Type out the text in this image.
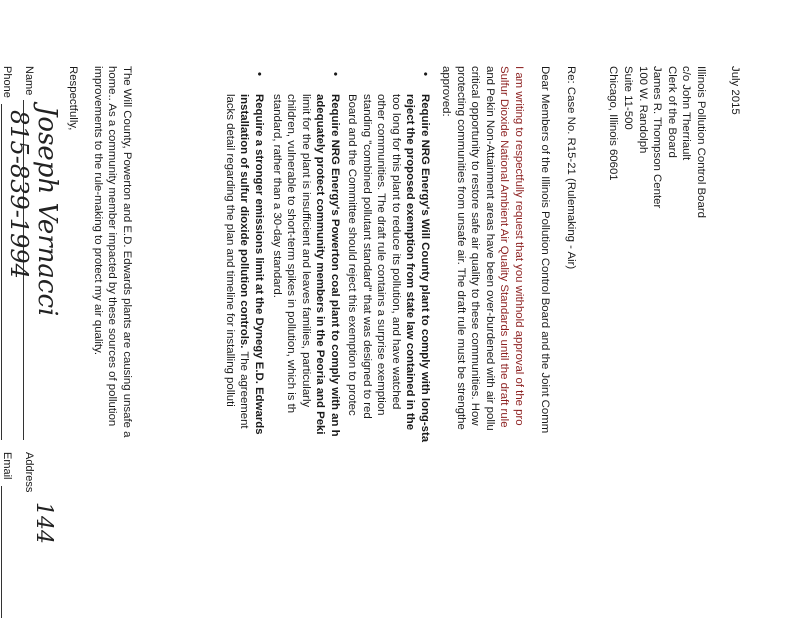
July 2015
Illinois Pollution Control Board
c/o John Therriault
Clerk of the Board
James R. Thompson Center
100 W. Randolph
Suite 11-500
Chicago, Illinois 60601
Re: Case No. R15-21 (Rulemaking - Air)
Dear Members of the Illinois Pollution Control Board and the Joint Comm
I am writing to respectfully request that you withhold approval of the pro
Sulfur Dioxide National Ambient Air Quality Standards until the draft rule
and Pekin Non-Attainment areas have been over-burdened with air pollu
critical opportunity to restore safe air quality to these communities. How
protecting communities from unsafe air. The draft rule must be strengthe
approved:
•
Require NRG Energy's Will County plant to comply with long-sta
reject the proposed exemption from state law contained in the
too long for this plant to reduce its pollution, and have watched
other communities. The draft rule contains a surprise exemption
standing "combined pollutant standard" that was designed to red
Board and the Committee should reject this exemption to protec
•
Require NRG Energy's Powerton coal plant to comply with an h
adequately protect community members in the Peoria and Peki
limit for the plant is insufficient and leaves families, particularly
children, vulnerable to short-term spikes in pollution, which is th
standard, rather than a 30-day standard.
•
Require a stronger emissions limit at the Dynegy E.D. Edwards
installation of sulfur dioxide pollution controls. The agreement
lacks detail regarding the plan and timeline for installing polluti
The Will County, Powerton and E.D. Edwards plants are causing unsafe a
home.. As a community member impacted by these sources of pollution
improvements to the rule-making to protect my air quality.
Respectfully,
Name
Joseph Vernacci
Address
144
Phone
815-839-1994
Email
